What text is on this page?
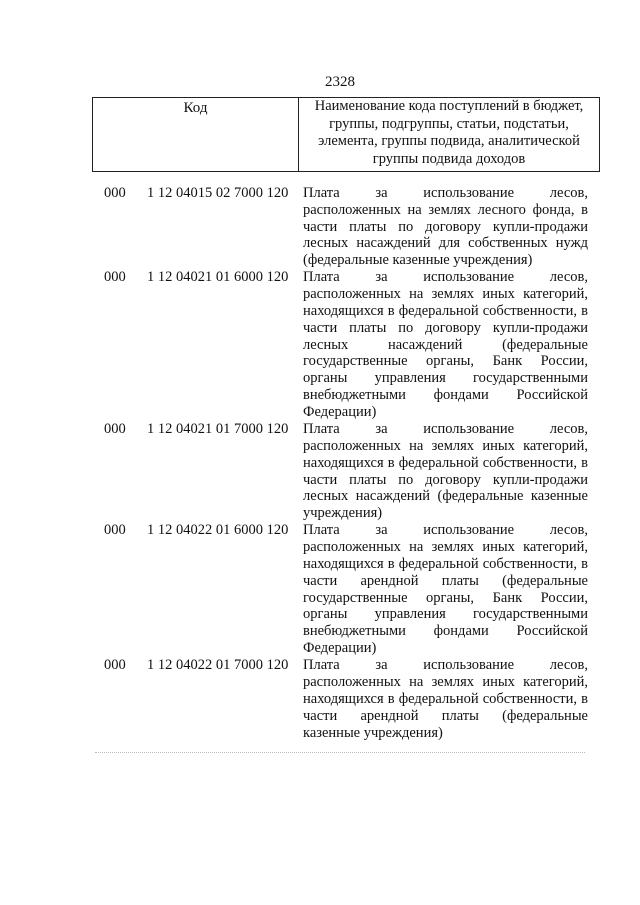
2328
Код	Наименование кода поступлений в бюджет, группы, подгруппы, статьи, подстатьи, элемента, группы подвида, аналитической группы подвида доходов
000 1 12 04015 02 7000 120 Плата за использование лесов, расположенных на землях лесного фонда, в части платы по договору купли-продажи лесных насаждений для собственных нужд (федеральные казенные учреждения)
000 1 12 04021 01 6000 120 Плата за использование лесов, расположенных на землях иных категорий, находящихся в федеральной собственности, в части платы по договору купли-продажи лесных насаждений (федеральные государственные органы, Банк России, органы управления государственными внебюджетными фондами Российской Федерации)
000 1 12 04021 01 7000 120 Плата за использование лесов, расположенных на землях иных категорий, находящихся в федеральной собственности, в части платы по договору купли-продажи лесных насаждений (федеральные казенные учреждения)
000 1 12 04022 01 6000 120 Плата за использование лесов, расположенных на землях иных категорий, находящихся в федеральной собственности, в части арендной платы (федеральные государственные органы, Банк России, органы управления государственными внебюджетными фондами Российской Федерации)
000 1 12 04022 01 7000 120 Плата за использование лесов, расположенных на землях иных категорий, находящихся в федеральной собственности, в части арендной платы (федеральные казенные учреждения)
